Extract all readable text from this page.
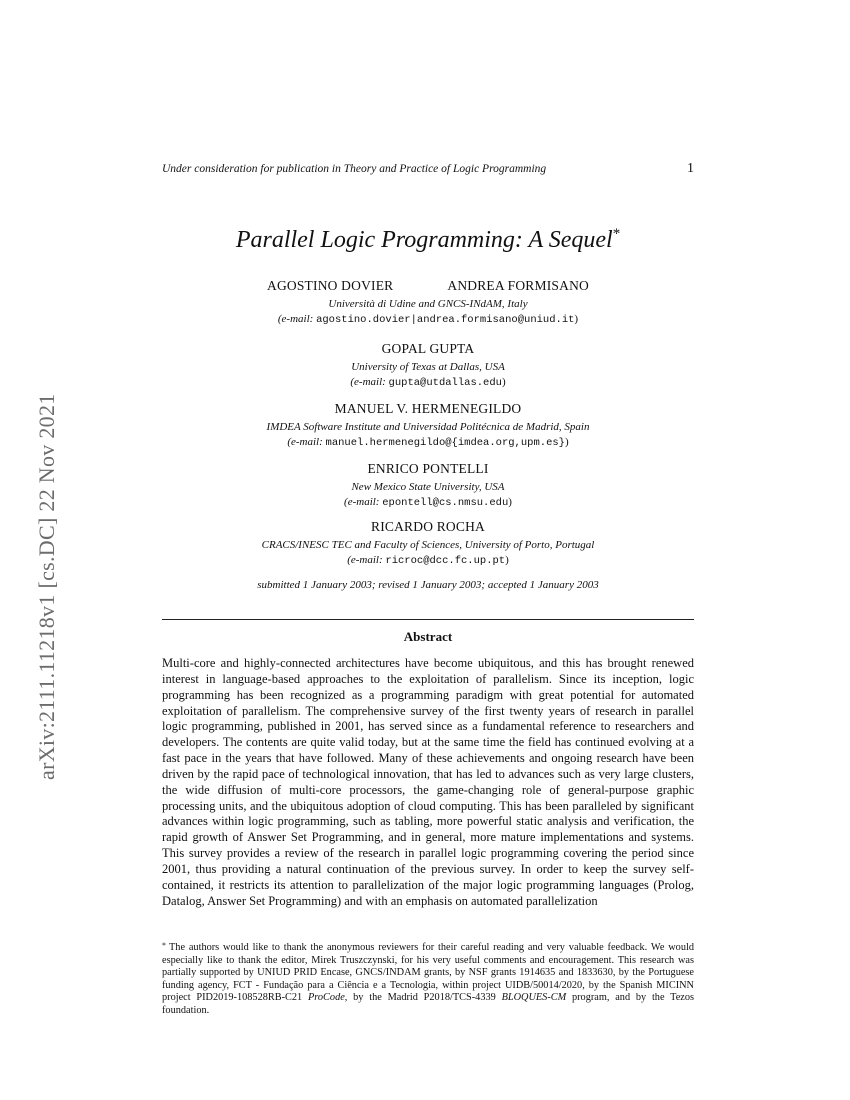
arXiv:2111.11218v1 [cs.DC] 22 Nov 2021
Under consideration for publication in Theory and Practice of Logic Programming	1
Parallel Logic Programming: A Sequel*
AGOSTINO DOVIER	ANDREA FORMISANO
Università di Udine and GNCS-INdAM, Italy
(e-mail: agostino.dovier|andrea.formisano@uniud.it)
GOPAL GUPTA
University of Texas at Dallas, USA
(e-mail: gupta@utdallas.edu)
MANUEL V. HERMENEGILDO
IMDEA Software Institute and Universidad Politécnica de Madrid, Spain
(e-mail: manuel.hermenegildo@{imdea.org,upm.es})
ENRICO PONTELLI
New Mexico State University, USA
(e-mail: epontell@cs.nmsu.edu)
RICARDO ROCHA
CRACS/INESC TEC and Faculty of Sciences, University of Porto, Portugal
(e-mail: ricroc@dcc.fc.up.pt)
submitted 1 January 2003; revised 1 January 2003; accepted 1 January 2003
Abstract
Multi-core and highly-connected architectures have become ubiquitous, and this has brought renewed interest in language-based approaches to the exploitation of parallelism. Since its inception, logic programming has been recognized as a programming paradigm with great potential for automated exploitation of parallelism. The comprehensive survey of the first twenty years of research in parallel logic programming, published in 2001, has served since as a fundamental reference to researchers and developers. The contents are quite valid today, but at the same time the field has continued evolving at a fast pace in the years that have followed. Many of these achievements and ongoing research have been driven by the rapid pace of technological innovation, that has led to advances such as very large clusters, the wide diffusion of multi-core processors, the game-changing role of general-purpose graphic processing units, and the ubiquitous adoption of cloud computing. This has been paralleled by significant advances within logic programming, such as tabling, more powerful static analysis and verification, the rapid growth of Answer Set Programming, and in general, more mature implementations and systems. This survey provides a review of the research in parallel logic programming covering the period since 2001, thus providing a natural continuation of the previous survey. In order to keep the survey self-contained, it restricts its attention to parallelization of the major logic programming languages (Prolog, Datalog, Answer Set Programming) and with an emphasis on automated parallelization
* The authors would like to thank the anonymous reviewers for their careful reading and very valuable feedback. We would especially like to thank the editor, Mirek Truszczynski, for his very useful comments and encouragement. This research was partially supported by UNIUD PRID Encase, GNCS/INDAM grants, by NSF grants 1914635 and 1833630, by the Portuguese funding agency, FCT - Fundação para a Ciência e a Tecnologia, within project UIDB/50014/2020, by the Spanish MICINN project PID2019-108528RB-C21 ProCode, by the Madrid P2018/TCS-4339 BLOQUES-CM program, and by the Tezos foundation.
